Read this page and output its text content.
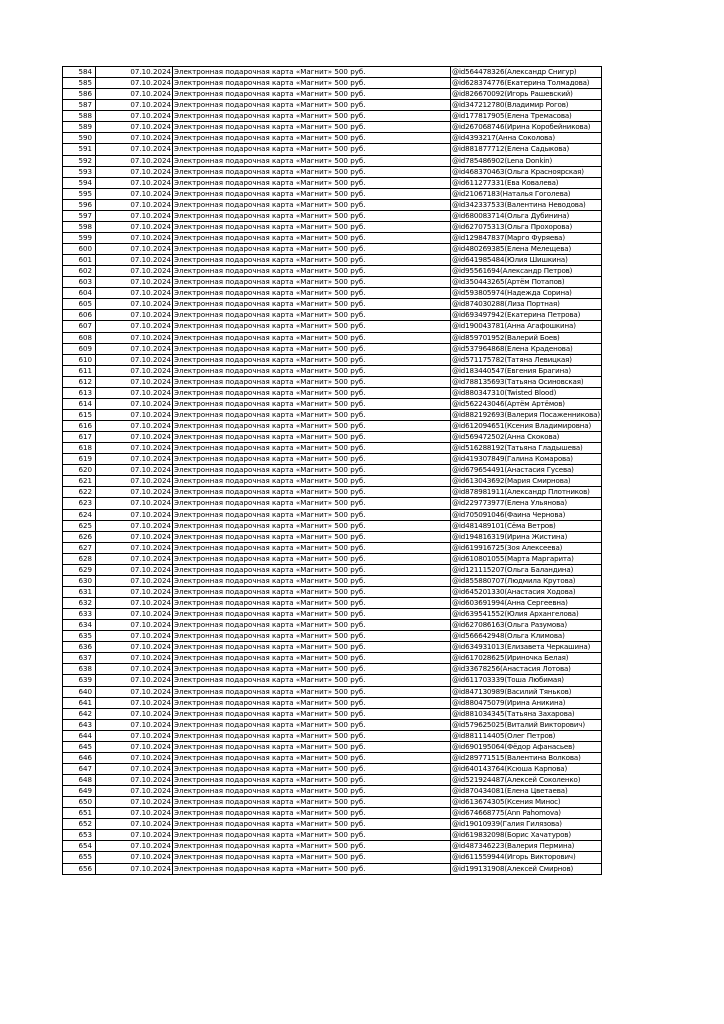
584	07.10.2024	Электронная подарочная карта «Магнит» 500 руб.	@id564478326(Александр Снигур)
585	07.10.2024	Электронная подарочная карта «Магнит» 500 руб.	@id628374776(Екатерина Толмадова)
586	07.10.2024	Электронная подарочная карта «Магнит» 500 руб.	@id826670092(Игорь Рашевский)
587	07.10.2024	Электронная подарочная карта «Магнит» 500 руб.	@id347212780(Владимир Рогов)
588	07.10.2024	Электронная подарочная карта «Магнит» 500 руб.	@id177817905(Елена Тремасова)
589	07.10.2024	Электронная подарочная карта «Магнит» 500 руб.	@id267068746(Ирина Коробейникова)
590	07.10.2024	Электронная подарочная карта «Магнит» 500 руб.	@id4393217(Анна Соколова)
591	07.10.2024	Электронная подарочная карта «Магнит» 500 руб.	@id881877712(Елена Садыкова)
592	07.10.2024	Электронная подарочная карта «Магнит» 500 руб.	@id785486902(Lena Donkin)
593	07.10.2024	Электронная подарочная карта «Магнит» 500 руб.	@id468370463(Ольга Красноярская)
594	07.10.2024	Электронная подарочная карта «Магнит» 500 руб.	@id611277331(Ева Ковалева)
595	07.10.2024	Электронная подарочная карта «Магнит» 500 руб.	@id21067183(Наталья Гоголева)
596	07.10.2024	Электронная подарочная карта «Магнит» 500 руб.	@id342337533(Валентина Неводова)
597	07.10.2024	Электронная подарочная карта «Магнит» 500 руб.	@id680083714(Ольга Дубинина)
598	07.10.2024	Электронная подарочная карта «Магнит» 500 руб.	@id627075313(Ольга Прохорова)
599	07.10.2024	Электронная подарочная карта «Магнит» 500 руб.	@id129847837(Марго Фуряева)
600	07.10.2024	Электронная подарочная карта «Магнит» 500 руб.	@id480269385(Елена Мелещева)
601	07.10.2024	Электронная подарочная карта «Магнит» 500 руб.	@id641985484(Юлия Шишкина)
602	07.10.2024	Электронная подарочная карта «Магнит» 500 руб.	@id95561694(Александр Петров)
603	07.10.2024	Электронная подарочная карта «Магнит» 500 руб.	@id350443265(Артём Потапов)
604	07.10.2024	Электронная подарочная карта «Магнит» 500 руб.	@id593805974(Надежда Сорина)
605	07.10.2024	Электронная подарочная карта «Магнит» 500 руб.	@id874030288(Лиза Портная)
606	07.10.2024	Электронная подарочная карта «Магнит» 500 руб.	@id693497942(Екатерина Петрова)
607	07.10.2024	Электронная подарочная карта «Магнит» 500 руб.	@id190043781(Анна Агафошкина)
608	07.10.2024	Электронная подарочная карта «Магнит» 500 руб.	@id859701952(Валерий Боев)
609	07.10.2024	Электронная подарочная карта «Магнит» 500 руб.	@id537964868(Елена Краденова)
610	07.10.2024	Электронная подарочная карта «Магнит» 500 руб.	@id571175782(Татяна Левицкая)
611	07.10.2024	Электронная подарочная карта «Магнит» 500 руб.	@id183440547(Евгения Брагина)
612	07.10.2024	Электронная подарочная карта «Магнит» 500 руб.	@id788135693(Татьяна Осиновская)
613	07.10.2024	Электронная подарочная карта «Магнит» 500 руб.	@id880347310(Twisted Blood)
614	07.10.2024	Электронная подарочная карта «Магнит» 500 руб.	@id562243046(Артём Артёмов)
615	07.10.2024	Электронная подарочная карта «Магнит» 500 руб.	@id882192693(Валерия Посаженникова)
616	07.10.2024	Электронная подарочная карта «Магнит» 500 руб.	@id612094651(Ксения Владимировна)
617	07.10.2024	Электронная подарочная карта «Магнит» 500 руб.	@id569472502(Анна Скокова)
618	07.10.2024	Электронная подарочная карта «Магнит» 500 руб.	@id516288192(Татьяна Гладышева)
619	07.10.2024	Электронная подарочная карта «Магнит» 500 руб.	@id419307849(Галина Комарова)
620	07.10.2024	Электронная подарочная карта «Магнит» 500 руб.	@id679654491(Анастасия Гусева)
621	07.10.2024	Электронная подарочная карта «Магнит» 500 руб.	@id613043692(Мария Смирнова)
622	07.10.2024	Электронная подарочная карта «Магнит» 500 руб.	@id878981911(Александр Плотников)
623	07.10.2024	Электронная подарочная карта «Магнит» 500 руб.	@id229773977(Елена Ульянова)
624	07.10.2024	Электронная подарочная карта «Магнит» 500 руб.	@id705091046(Фаина Чернова)
625	07.10.2024	Электронная подарочная карта «Магнит» 500 руб.	@id481489101(Сёма Ветров)
626	07.10.2024	Электронная подарочная карта «Магнит» 500 руб.	@id194816319(Ирина Жистина)
627	07.10.2024	Электронная подарочная карта «Магнит» 500 руб.	@id619916725(Зоя Алексеева)
628	07.10.2024	Электронная подарочная карта «Магнит» 500 руб.	@id610801055(Марта Маргарита)
629	07.10.2024	Электронная подарочная карта «Магнит» 500 руб.	@id121115207(Ольга Баландина)
630	07.10.2024	Электронная подарочная карта «Магнит» 500 руб.	@id855880707(Людмила Крутова)
631	07.10.2024	Электронная подарочная карта «Магнит» 500 руб.	@id645201330(Анастасия Ходова)
632	07.10.2024	Электронная подарочная карта «Магнит» 500 руб.	@id603691994(Анна Сергеевна)
633	07.10.2024	Электронная подарочная карта «Магнит» 500 руб.	@id639541552(Юлия Архангелова)
634	07.10.2024	Электронная подарочная карта «Магнит» 500 руб.	@id627086163(Ольга Разумова)
635	07.10.2024	Электронная подарочная карта «Магнит» 500 руб.	@id566642948(Ольга Климова)
636	07.10.2024	Электронная подарочная карта «Магнит» 500 руб.	@id634931013(Елизавета Черкашина)
637	07.10.2024	Электронная подарочная карта «Магнит» 500 руб.	@id617028625(Ириночка Белая)
638	07.10.2024	Электронная подарочная карта «Магнит» 500 руб.	@id33678256(Анастасия Лотова)
639	07.10.2024	Электронная подарочная карта «Магнит» 500 руб.	@id611703339(Тоша Любимая)
640	07.10.2024	Электронная подарочная карта «Магнит» 500 руб.	@id847130989(Василий Тяньков)
641	07.10.2024	Электронная подарочная карта «Магнит» 500 руб.	@id880475079(Ирина Аникина)
642	07.10.2024	Электронная подарочная карта «Магнит» 500 руб.	@id881034345(Татьяна Захарова)
643	07.10.2024	Электронная подарочная карта «Магнит» 500 руб.	@id579625025(Виталий Викторович)
644	07.10.2024	Электронная подарочная карта «Магнит» 500 руб.	@id881114405(Олег Петров)
645	07.10.2024	Электронная подарочная карта «Магнит» 500 руб.	@id690195064(Фёдор Афанасьев)
646	07.10.2024	Электронная подарочная карта «Магнит» 500 руб.	@id289771515(Валентина Волкова)
647	07.10.2024	Электронная подарочная карта «Магнит» 500 руб.	@id640143764(Ксюша Карпова)
648	07.10.2024	Электронная подарочная карта «Магнит» 500 руб.	@id521924487(Алексей Соколенко)
649	07.10.2024	Электронная подарочная карта «Магнит» 500 руб.	@id870434081(Елена Цветаева)
650	07.10.2024	Электронная подарочная карта «Магнит» 500 руб.	@id613674305(Ксения Минос)
651	07.10.2024	Электронная подарочная карта «Магнит» 500 руб.	@id674668775(Ann Pahomova)
652	07.10.2024	Электронная подарочная карта «Магнит» 500 руб.	@id19010939(Галия Гилязова)
653	07.10.2024	Электронная подарочная карта «Магнит» 500 руб.	@id619832098(Борис Хачатуров)
654	07.10.2024	Электронная подарочная карта «Магнит» 500 руб.	@id487346223(Валерия Пермина)
655	07.10.2024	Электронная подарочная карта «Магнит» 500 руб.	@id611559944(Игорь Викторович)
656	07.10.2024	Электронная подарочная карта «Магнит» 500 руб.	@id199131908(Алексей Смирнов)
